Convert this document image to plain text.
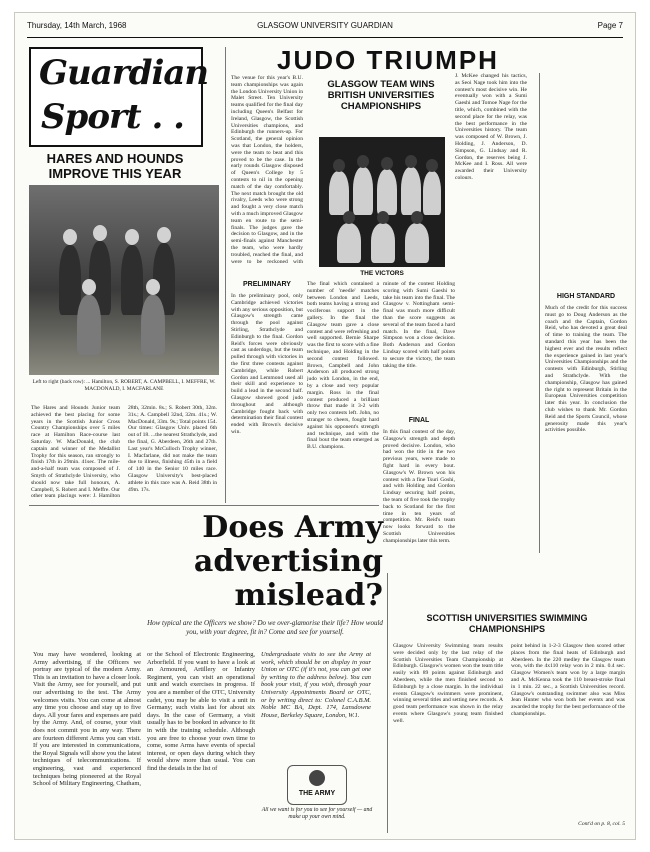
Thursday, 14th March, 1968	GLASGOW UNIVERSITY GUARDIAN	Page 7
Guardian
Sport . .
HARES AND HOUNDS IMPROVE THIS YEAR
Left to right (back row): ... Hamilton, S. ROBERT, A. CAMPBELL, I. MEFFRE, W. MACDONALD, I. MACFARLANE
The Hares and Hounds Junior team achieved the best placing for some years in the Scottish Junior Cross Country Championships over 5 miles race at Hamilton Race-course last Saturday. W. MacDonald, the club captain and winner of the Medallist Trophy for this season, ran strongly to finish 17th in 29min. 41sec. The mile-and-a-half team was composed of J. Smyth of Strathclyde University, who should now take full honours, A. Campbell, S. Robert and I. Meffre. Our other team placings were: J. Hamilton 28th, 32min. 8s.; S. Robert 30th, 32m. 31s.; A. Campbell 32nd, 32m. 41s.; W. MacDonald, 33m. 9s.; Total points 154. Our times: Glasgow Univ. placed 6th out of 18. ...the nearest Strathclyde, and the final, G. Aberdeen, 26th and 27th. Last year's McCulloch Trophy winner, I. Macfarlane, did not make the team due to illness, finishing 45th in a field of 140 in the Senior 10 miles race. Glasgow University's best-placed athlete in this race was A. Reid 38th in 49m. 17s.
JUDO TRIUMPH
The venue for this year's B.U. team championships was again the London University Union in Malet Street. Ten University teams qualified for the final day including Queen's Belfast for Ireland, Glasgow, the Scottish Universities champions, and Edinburgh the runners-up. For Scotland, the general opinion was that London, the holders, were the team to beat and this proved to be the case. In the early rounds Glasgow disposed of Queen's College by 5 contests to nil in the opening match of the day comfortably. The next match brought the old rivalry, Leeds who were strong and fought a very close match with a much improved Glasgow team en route to the semi-finals. The judges gave the decision to Glasgow, and in the semi-finals against Manchester the team, who were hardly troubled, reached the final, and were to be reckoned with
GLASGOW TEAM WINS BRITISH UNIVERSITIES CHAMPIONSHIPS
THE VICTORS
J. McKee changed his tactics, as Seoi Nage took him into the contest's most decisive win. He eventually won with a Sumi Gaeshi and Tomoe Nage for the title, which, combined with the second place for the relay, was the best performance in the Universities history. The team was composed of W. Brown, J. Holding, J. Anderson, D. Simpson, G. Lindsay and R. Gordon, the reserves being J. McKee and I. Ross. All were awarded their University colours.
PRELIMINARY
In the preliminary pool, only Cambridge achieved victories with any serious opposition, but Glasgow's strength came through the pool against Stirling, Strathclyde and Edinburgh to the final. Gordon Reid's forces were obviously cast as underdogs, but the team pulled through with victories in the first three contests against Cambridge, while Robert Gordon and Lemmond used all their skill and experience to build a lead in the second half. Glasgow showed good judo throughout and although Cambridge fought back with determination their final contest ended with Brown's decisive win.
The final which contained a number of 'needle' matches between London and Leeds, both teams having a strong and vociferous support in the gallery. In the final the Glasgow team gave a close contest and were refreshing and well supported. Bernie Sharpe was the first to score with a fine technique, and Holding in the second contest followed. Brown, Campbell and John Anderson all produced strong judo with London, in the end, by a close and very popular margin. Ross in the final contest produced a brilliant throw that made it 3-2 with only two contests left. John, no stranger to cheers, fought hard against his opponent's strength and technique, and with the final bout the team emerged as B.U. champions.
minute of the contest Holding scoring with Sumi Gaeshi to take his team into the final. The Glasgow v. Nottingham semi-final was much more difficult than the score suggests as several of the team faced a hard match. In the final, Dave Simpson won a close decision. Both Anderson and Gordon Lindsay scored with half points to secure the victory, the team taking the title.
FINAL
In this final contest of the day, Glasgow's strength and depth proved decisive. London, who had won the title in the two previous years, were made to fight hard in every bout. Glasgow's W. Brown won his contest with a fine Tsuri Goshi, and with Holding and Gordon Lindsay securing half points, the team of five took the trophy back to Scotland for the first time in ten years of competition. Mr. Reid's team now looks forward to the Scottish Universities championships later this term.
HIGH STANDARD
Much of the credit for this success must go to Doug Anderson as the coach and the Captain, Gordon Reid, who has devoted a great deal of time to training the team. The standard this year has been the highest ever and the results reflect the experience gained in last year's Universities Championships and the contests with Edinburgh, Stirling and Strathclyde. With the championship, Glasgow has gained the right to represent Britain in the European Universities competition later this year. In conclusion the club wishes to thank Mr. Gordon Reid and the Sports Council, whose generosity made this year's activities possible.
Does Army advertising mislead?
How typical are the Officers we show? Do we over-glamorise their life? How would you, with your degree, fit in? Come and see for yourself.
You may have wondered, looking at Army advertising, if the Officers we portray are typical of the modern Army. This is an invitation to have a closer look. Visit the Army, see for yourself, and put our advertising to the test. The Army welcomes visits. You can come at almost any time you choose and stay up to five days. All your fares and expenses are paid by the Army. And, of course, your visit does not commit you in any way. There are fourteen different Arms you can visit. If you are interested in communications, the Royal Signals will show you the latest techniques of telecommunications. If engineering, vast and experienced techniques being pioneered at the Royal School of Military Engineering, Chatham,
or the School of Electronic Engineering, Arborfield. If you want to have a look at an Armoured, Artillery or Infantry Regiment, you can visit an operational unit and watch exercises in progress. If you are a member of the OTC, University cadet, you may be able to visit a unit in Germany; such visits last for about six days. In the case of Germany, a visit usually has to be booked in advance to fit in with the training schedule. Although you are free to choose your own time to come, some Arms have events of special interest, or open days during which they would show more than usual. You can find the details in the list of
Undergraduate visits to see the Army at work, which should be on display in your Union or OTC (if it's not, you can get one by writing to the address below). You can book your visit, if you wish, through your University Appointments Board or OTC, or by writing direct to: Colonel C.A.B.M. Noble MC BA, Dept. 174, Lansdowne House, Berkeley Square, London, W.1.
THE ARMY
All we want is for you to see for yourself — and make up your own mind.
SCOTTISH UNIVERSITIES SWIMMING CHAMPIONSHIPS
Glasgow University Swimming team results were decided only by the last relay of the Scottish Universities Team Championship at Edinburgh. Glasgow's women won the team title easily with 89 points against Edinburgh and Aberdeen, while the men finished second to Edinburgh by a close margin. In the individual events Glasgow's swimmers were prominent, winning several titles and setting new records. A good team performance was shown in the relay events where Glasgow's young team finished well.
point behind in 1-2-3 Glasgow then scored other places from the final heats of Edinburgh and Aberdeen. In the 220 medley the Glasgow team won, with the 4x110 relay won in 2 min. 0.4 sec. Glasgow Women's team won by a large margin and A. McKenna took the 110 breast-stroke final in 1 min. 22 sec., a Scottish Universities record. Glasgow's outstanding swimmer also was Miss Jean Hunter who won both her events and was awarded the trophy for the best performance of the championships.
Cont'd on p. 8, col. 5
